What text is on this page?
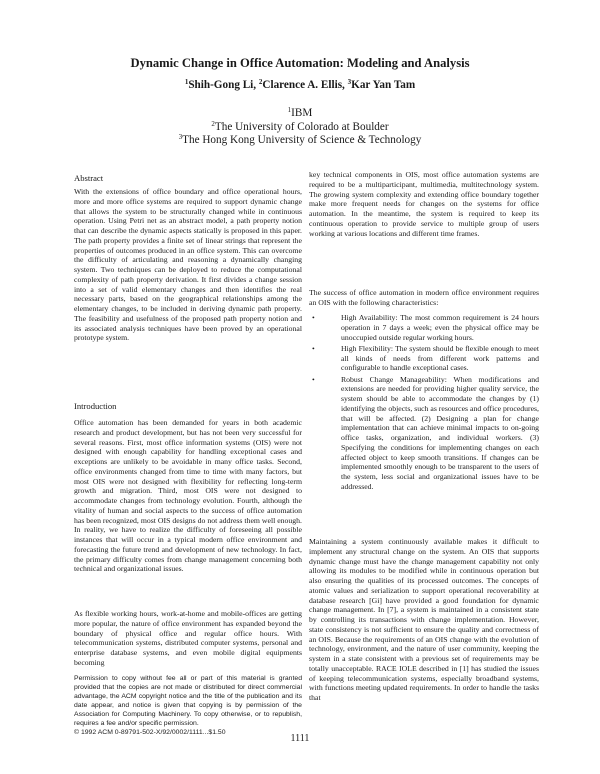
Dynamic Change in Office Automation: Modeling and Analysis
$^1$Shih-Gong Li, $^2$Clarence A. Ellis, $^3$Kar Yan Tam
$^1$IBM
$^2$The University of Colorado at Boulder
$^3$The Hong Kong University of Science & Technology
Abstract
With the extensions of office boundary and office operational hours, more and more office systems are required to support dynamic change that allows the system to be structurally changed while in continuous operation. Using Petri net as an abstract model, a path property notion that can describe the dynamic aspects statically is proposed in this paper. The path property provides a finite set of linear strings that represent the properties of outcomes produced in an office system. This can overcome the difficulty of articulating and reasoning a dynamically changing system. Two techniques can be deployed to reduce the computational complexity of path property derivation. It first divides a change session into a set of valid elementary changes and then identifies the real necessary parts, based on the geographical relationships among the elementary changes, to be included in deriving dynamic path property. The feasibility and usefulness of the proposed path property notion and its associated analysis techniques have been proved by an operational prototype system.
Introduction
Office automation has been demanded for years in both academic research and product development, but has not been very successful for several reasons. First, most office information systems (OIS) were not designed with enough capability for handling exceptional cases and exceptions are unlikely to be avoidable in many office tasks. Second, office environments changed from time to time with many factors, but most OIS were not designed with flexibility for reflecting long-term growth and migration. Third, most OIS were not designed to accommodate changes from technology evolution. Fourth, although the vitality of human and social aspects to the success of office automation has been recognized, most OIS designs do not address them well enough. In reality, we have to realize the difficulty of foreseeing all possible instances that will occur in a typical modern office environment and forecasting the future trend and development of new technology. In fact, the primary difficulty comes from change management concerning both technical and organizational issues.
As flexible working hours, work-at-home and mobile-offices are getting more popular, the nature of office environment has expanded beyond the boundary of physical office and regular office hours. With telecommunication systems, distributed computer systems, personal and enterprise database systems, and even mobile digital equipments becoming
Permission to copy without fee all or part of this material is granted provided that the copies are not made or distributed for direct commercial advantage, the ACM copyright notice and the title of the publication and its date appear, and notice is given that copying is by permission of the Association for Computing Machinery. To copy otherwise, or to republish, requires a fee and/or specific permission.
© 1992 ACM 0-89791-502-X/92/0002/1111...$1.50
key technical components in OIS, most office automation systems are required to be a multiparticipant, multimedia, multitechnology system. The growing system complexity and extending office boundary together make more frequent needs for changes on the systems for office automation. In the meantime, the system is required to keep its continuous operation to provide service to multiple group of users working at various locations and different time frames.
The success of office automation in modern office environment requires an OIS with the following characteristics:
• High Availability: The most common requirement is 24 hours operation in 7 days a week; even the physical office may be unoccupied outside regular working hours.
• High Flexibility: The system should be flexible enough to meet all kinds of needs from different work patterns and configurable to handle exceptional cases.
• Robust Change Manageability: When modifications and extensions are needed for providing higher quality service, the system should be able to accommodate the changes by (1) identifying the objects, such as resources and office procedures, that will be affected. (2) Designing a plan for change implementation that can achieve minimal impacts to on-going office tasks, organization, and individual workers. (3) Specifying the conditions for implementing changes on each affected object to keep smooth transitions. If changes can be implemented smoothly enough to be transparent to the users of the system, less social and organizational issues have to be addressed.
Maintaining a system continuously available makes it difficult to implement any structural change on the system. An OIS that supports dynamic change must have the change management capability not only allowing its modules to be modified while in continuous operation but also ensuring the qualities of its processed outcomes. The concepts of atomic values and serialization to support operational recoverability at database research [Gi] have provided a good foundation for dynamic change management. In [7], a system is maintained in a consistent state by controlling its transactions with change implementation. However, state consistency is not sufficient to ensure the quality and correctness of an OIS. Because the requirements of an OIS change with the evolution of technology, environment, and the nature of user community, keeping the system in a state consistent with a previous set of requirements may be totally unacceptable. RACE IOLE described in [1] has studied the issues of keeping telecommunication systems, especially broadband systems, with functions meeting updated requirements. In order to handle the tasks that
1111
